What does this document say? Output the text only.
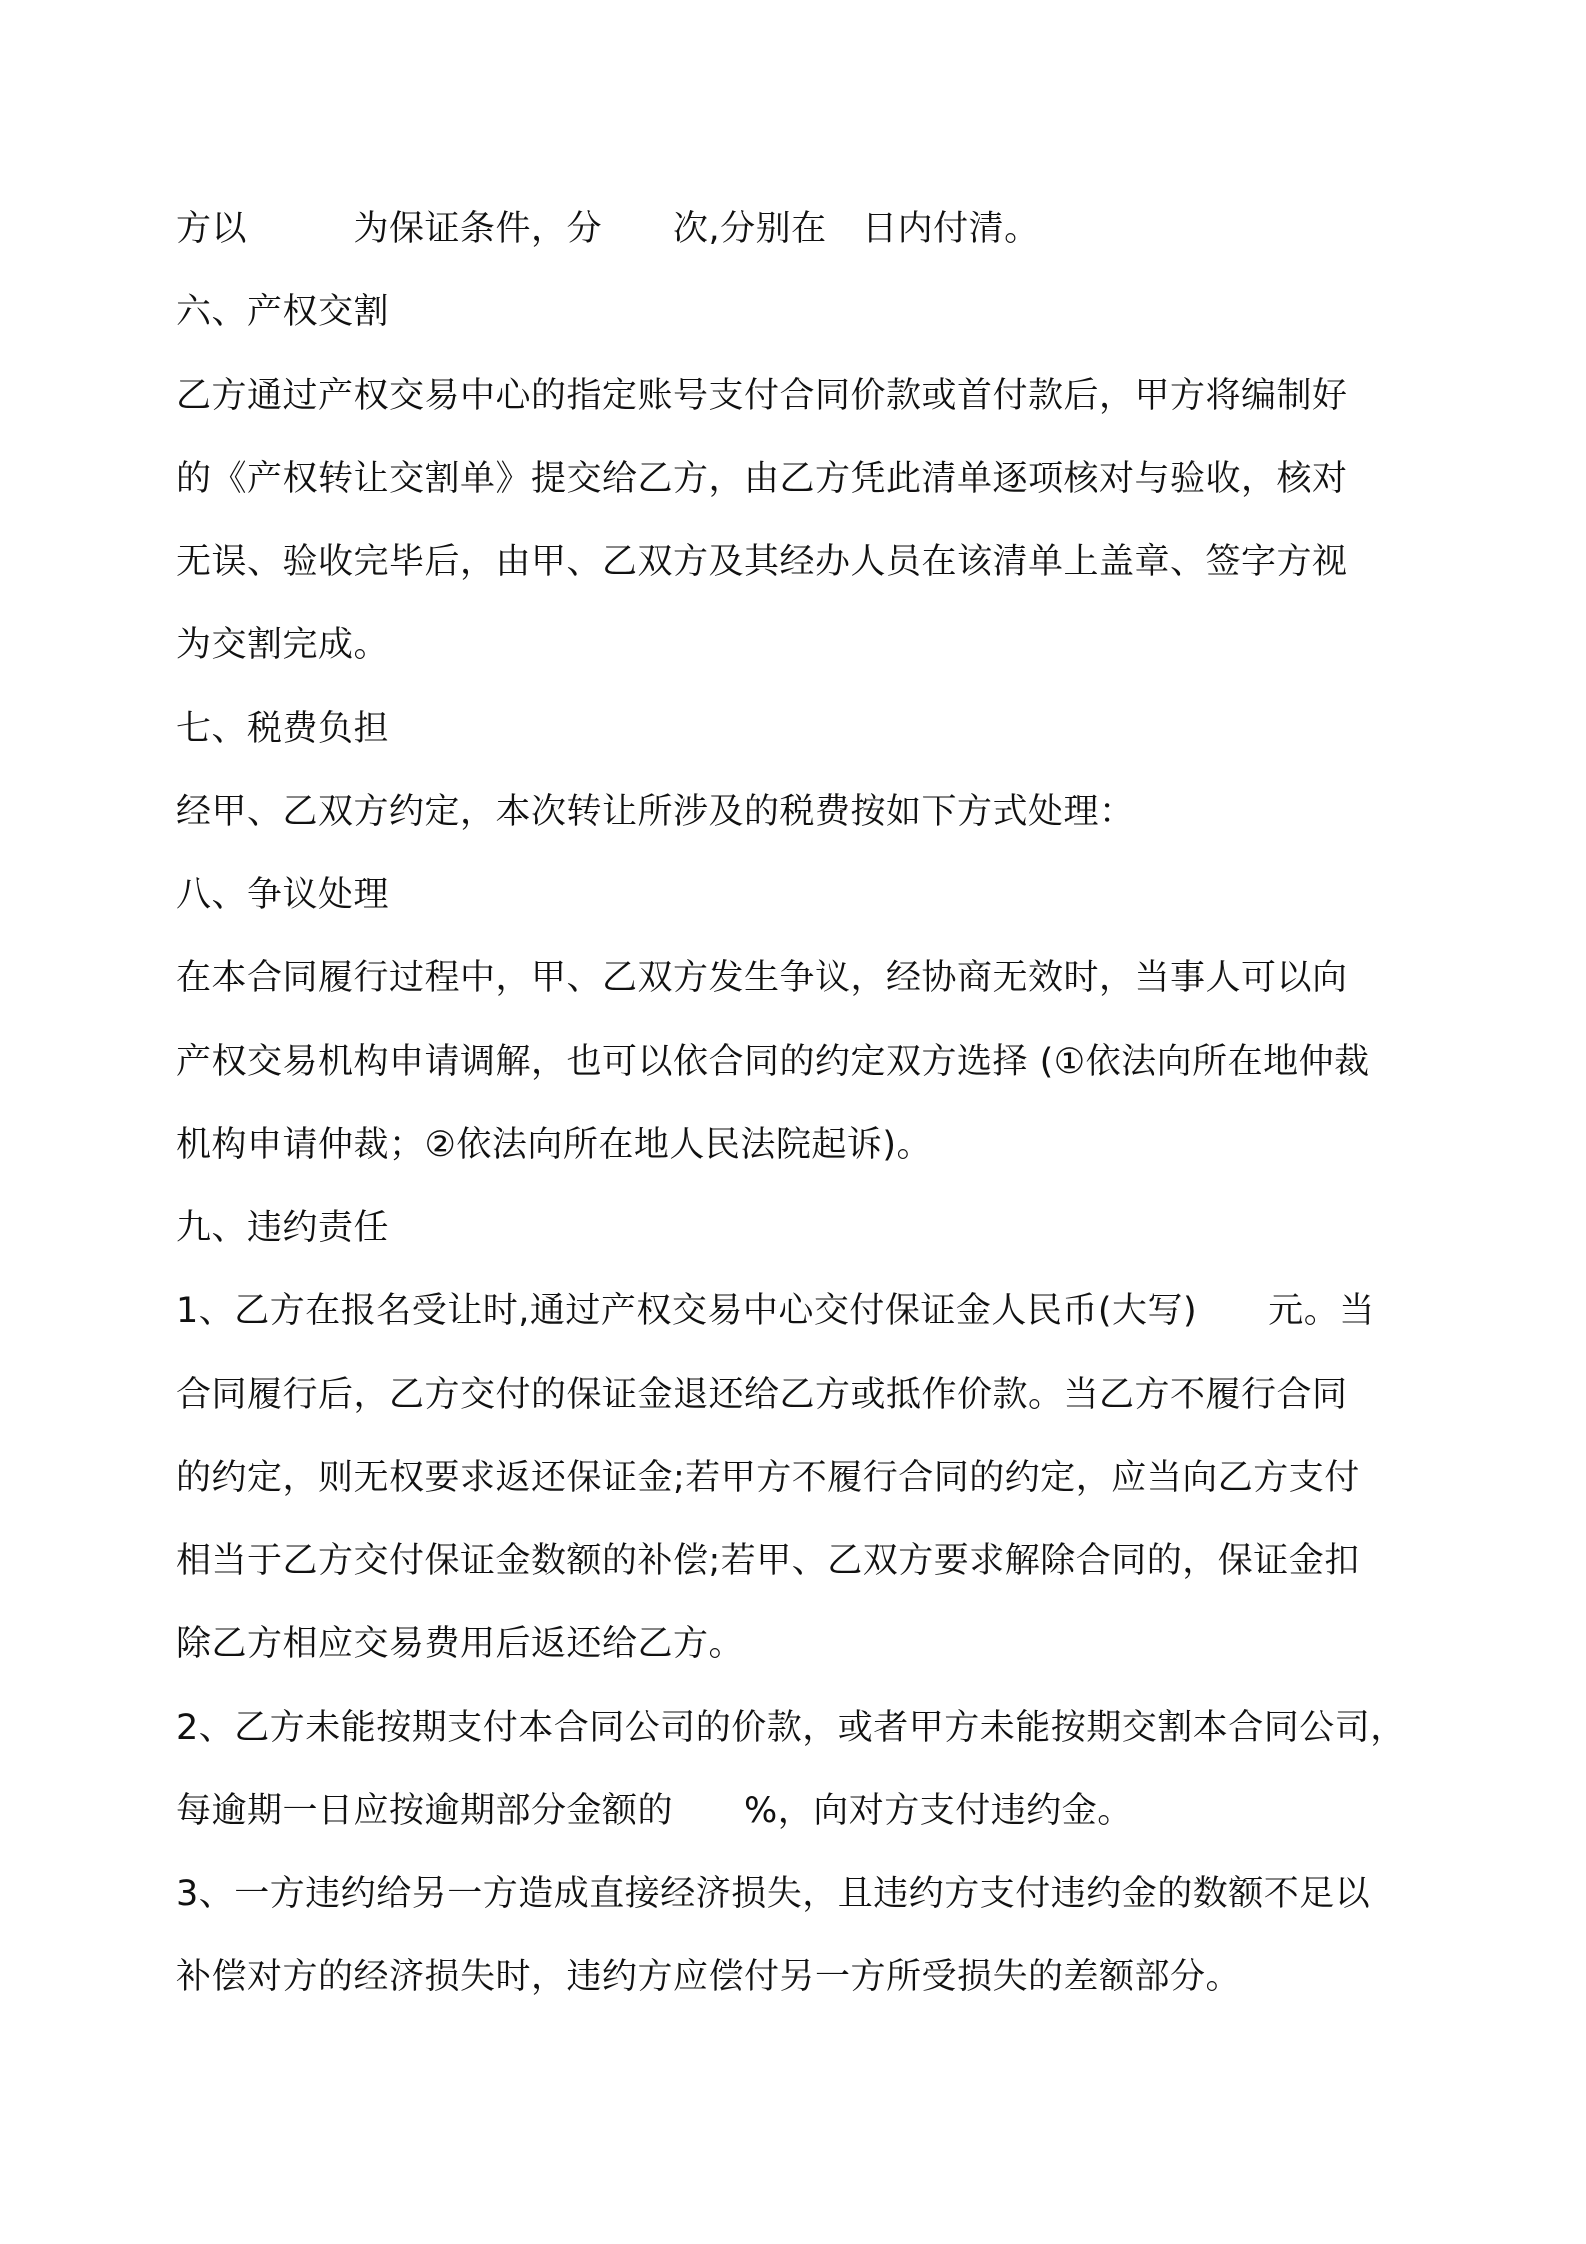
方以　　　为保证条件，分　　次,分别在　日内付清。

六、产权交割

乙方通过产权交易中心的指定账号支付合同价款或首付款后，甲方将编制好

的《产权转让交割单》提交给乙方，由乙方凭此清单逐项核对与验收，核对

无误、验收完毕后，由甲、乙双方及其经办人员在该清单上盖章、签字方视

为交割完成。

七、税费负担

经甲、乙双方约定，本次转让所涉及的税费按如下方式处理：

八、争议处理

在本合同履行过程中，甲、乙双方发生争议，经协商无效时，当事人可以向

产权交易机构申请调解，也可以依合同的约定双方选择 (①依法向所在地仲裁

机构申请仲裁；②依法向所在地人民法院起诉)。

九、违约责任

1、乙方在报名受让时,通过产权交易中心交付保证金人民币(大写)　　元。当

合同履行后，乙方交付的保证金退还给乙方或抵作价款。当乙方不履行合同

的约定，则无权要求返还保证金;若甲方不履行合同的约定，应当向乙方支付

相当于乙方交付保证金数额的补偿;若甲、乙双方要求解除合同的，保证金扣

除乙方相应交易费用后返还给乙方。

2、乙方未能按期支付本合同公司的价款，或者甲方未能按期交割本合同公司，

每逾期一日应按逾期部分金额的　　%，向对方支付违约金。

3、一方违约给另一方造成直接经济损失，且违约方支付违约金的数额不足以

补偿对方的经济损失时，违约方应偿付另一方所受损失的差额部分。
